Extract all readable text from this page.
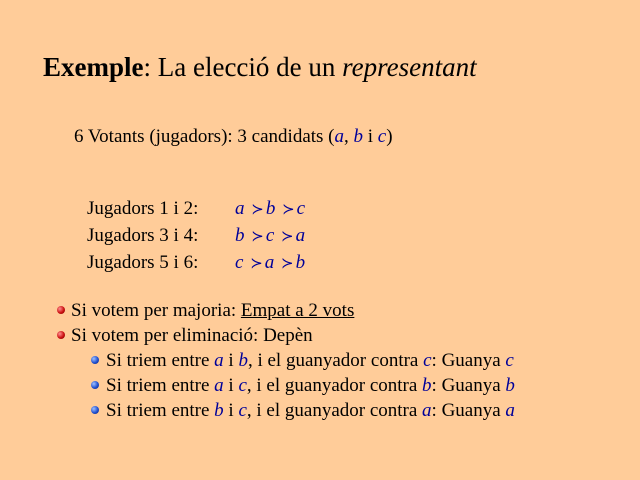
Exemple: La elecció de un representant
6 Votants (jugadors): 3 candidats (a, b i c)
Jugadors 1 i 2: a ≻ b ≻ c
Jugadors 3 i 4: b ≻ c ≻ a
Jugadors 5 i 6: c ≻ a ≻ b
Si votem per majoria: Empat a 2 vots
Si votem per eliminació: Depèn
Si triem entre a i b, i el guanyador contra c: Guanya c
Si triem entre a i c, i el guanyador contra b: Guanya b
Si triem entre b i c, i el guanyador contra a: Guanya a
